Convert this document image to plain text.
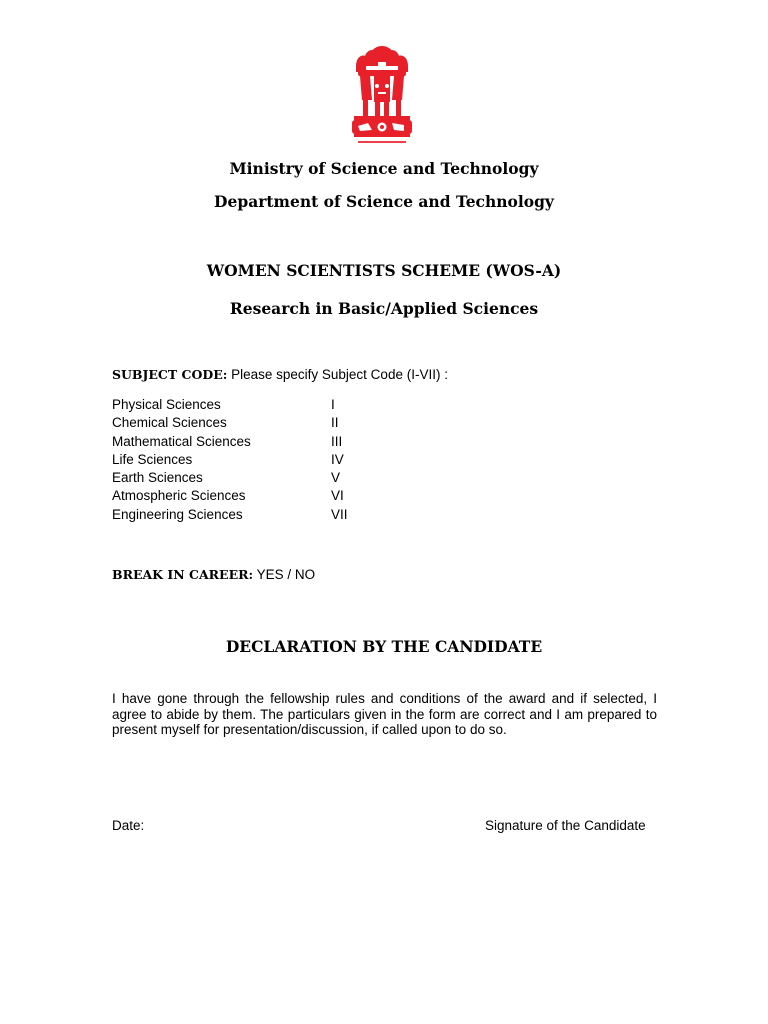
Ministry of Science and Technology
Department of Science and Technology
WOMEN SCIENTISTS SCHEME (WOS-A)
Research in Basic/Applied Sciences
SUBJECT CODE: Please specify Subject Code (I-VII) :
Physical Sciences	I
Chemical Sciences	II
Mathematical Sciences	III
Life Sciences	IV
Earth Sciences	V
Atmospheric Sciences	VI
Engineering Sciences	VII
BREAK IN CAREER: YES / NO
DECLARATION BY THE CANDIDATE
I have gone through the fellowship rules and conditions of the award and if selected, I agree to abide by them. The particulars given in the form are correct and I am prepared to present myself for presentation/discussion, if called upon to do so.
Date:	Signature of the Candidate
